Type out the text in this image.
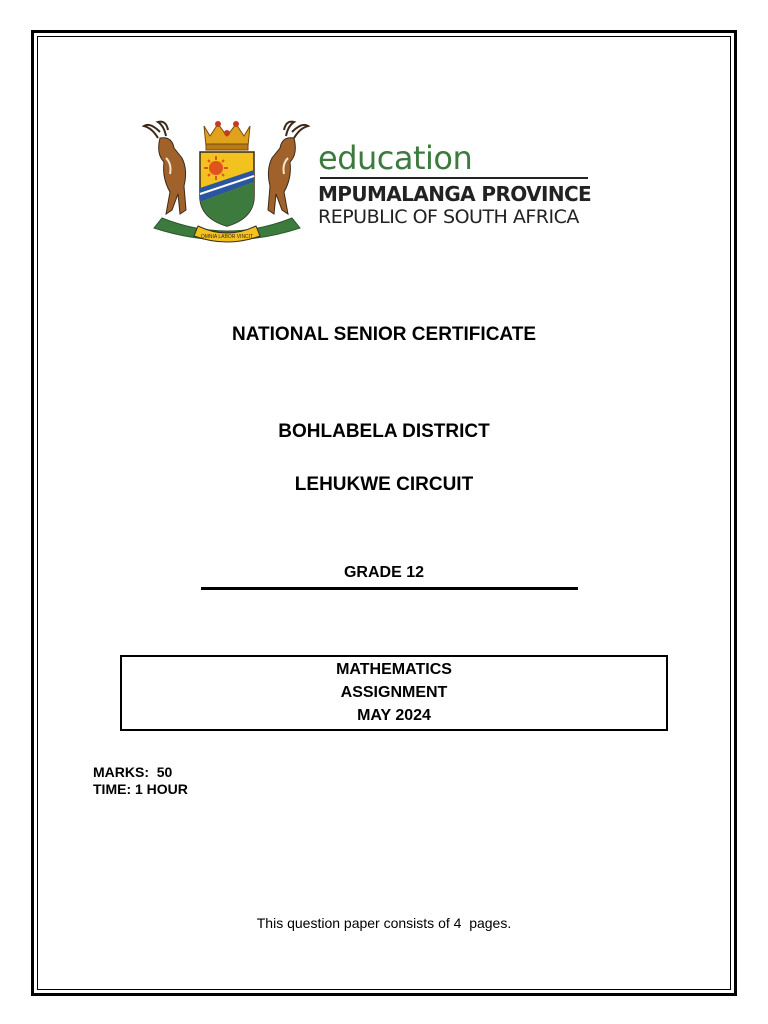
OMNIA LABOR VINCIT
education
MPUMALANGA PROVINCE
REPUBLIC OF SOUTH AFRICA
NATIONAL SENIOR CERTIFICATE
BOHLABELA DISTRICT
LEHUKWE CIRCUIT
GRADE 12
MATHEMATICS
ASSIGNMENT
MAY 2024
MARKS:  50
TIME: 1 HOUR
This question paper consists of 4  pages.
